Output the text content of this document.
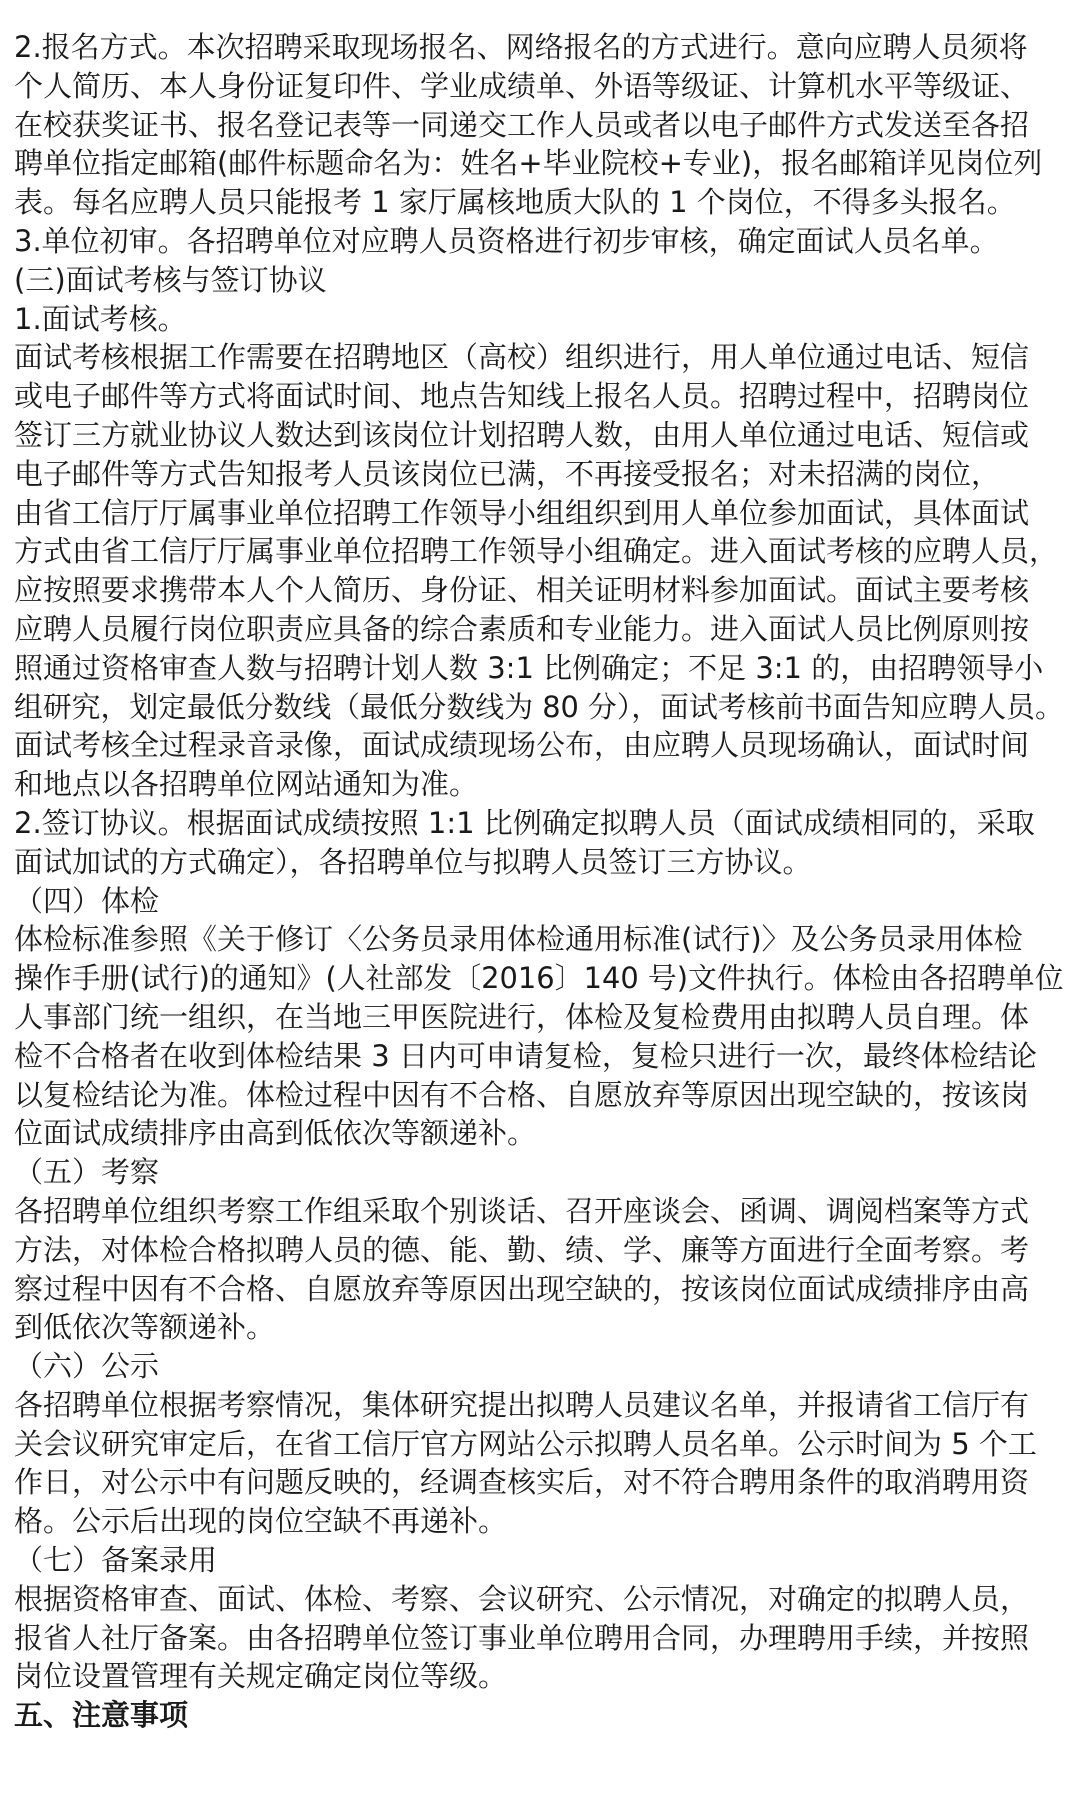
2.报名方式。本次招聘采取现场报名、网络报名的方式进行。意向应聘人员须将
个人简历、本人身份证复印件、学业成绩单、外语等级证、计算机水平等级证、
在校获奖证书、报名登记表等一同递交工作人员或者以电子邮件方式发送至各招
聘单位指定邮箱(邮件标题命名为：姓名+毕业院校+专业)，报名邮箱详见岗位列
表。每名应聘人员只能报考 1 家厅属核地质大队的 1 个岗位，不得多头报名。
3.单位初审。各招聘单位对应聘人员资格进行初步审核，确定面试人员名单。
(三)面试考核与签订协议
1.面试考核。
面试考核根据工作需要在招聘地区（高校）组织进行，用人单位通过电话、短信
或电子邮件等方式将面试时间、地点告知线上报名人员。招聘过程中，招聘岗位
签订三方就业协议人数达到该岗位计划招聘人数，由用人单位通过电话、短信或
电子邮件等方式告知报考人员该岗位已满，不再接受报名；对未招满的岗位，
由省工信厅厅属事业单位招聘工作领导小组组织到用人单位参加面试，具体面试
方式由省工信厅厅属事业单位招聘工作领导小组确定。进入面试考核的应聘人员，
应按照要求携带本人个人简历、身份证、相关证明材料参加面试。面试主要考核
应聘人员履行岗位职责应具备的综合素质和专业能力。进入面试人员比例原则按
照通过资格审查人数与招聘计划人数 3:1 比例确定；不足 3:1 的，由招聘领导小
组研究，划定最低分数线（最低分数线为 80 分），面试考核前书面告知应聘人员。
面试考核全过程录音录像，面试成绩现场公布，由应聘人员现场确认，面试时间
和地点以各招聘单位网站通知为准。
2.签订协议。根据面试成绩按照 1:1 比例确定拟聘人员（面试成绩相同的，采取
面试加试的方式确定），各招聘单位与拟聘人员签订三方协议。
（四）体检
体检标准参照《关于修订〈公务员录用体检通用标准(试行)〉及公务员录用体检
操作手册(试行)的通知》(人社部发〔2016〕140 号)文件执行。体检由各招聘单位
人事部门统一组织，在当地三甲医院进行，体检及复检费用由拟聘人员自理。体
检不合格者在收到体检结果 3 日内可申请复检，复检只进行一次，最终体检结论
以复检结论为准。体检过程中因有不合格、自愿放弃等原因出现空缺的，按该岗
位面试成绩排序由高到低依次等额递补。
（五）考察
各招聘单位组织考察工作组采取个别谈话、召开座谈会、函调、调阅档案等方式
方法，对体检合格拟聘人员的德、能、勤、绩、学、廉等方面进行全面考察。考
察过程中因有不合格、自愿放弃等原因出现空缺的，按该岗位面试成绩排序由高
到低依次等额递补。
（六）公示
各招聘单位根据考察情况，集体研究提出拟聘人员建议名单，并报请省工信厅有
关会议研究审定后，在省工信厅官方网站公示拟聘人员名单。公示时间为 5 个工
作日，对公示中有问题反映的，经调查核实后，对不符合聘用条件的取消聘用资
格。公示后出现的岗位空缺不再递补。
（七）备案录用
根据资格审查、面试、体检、考察、会议研究、公示情况，对确定的拟聘人员，
报省人社厅备案。由各招聘单位签订事业单位聘用合同，办理聘用手续，并按照
岗位设置管理有关规定确定岗位等级。
五、注意事项
